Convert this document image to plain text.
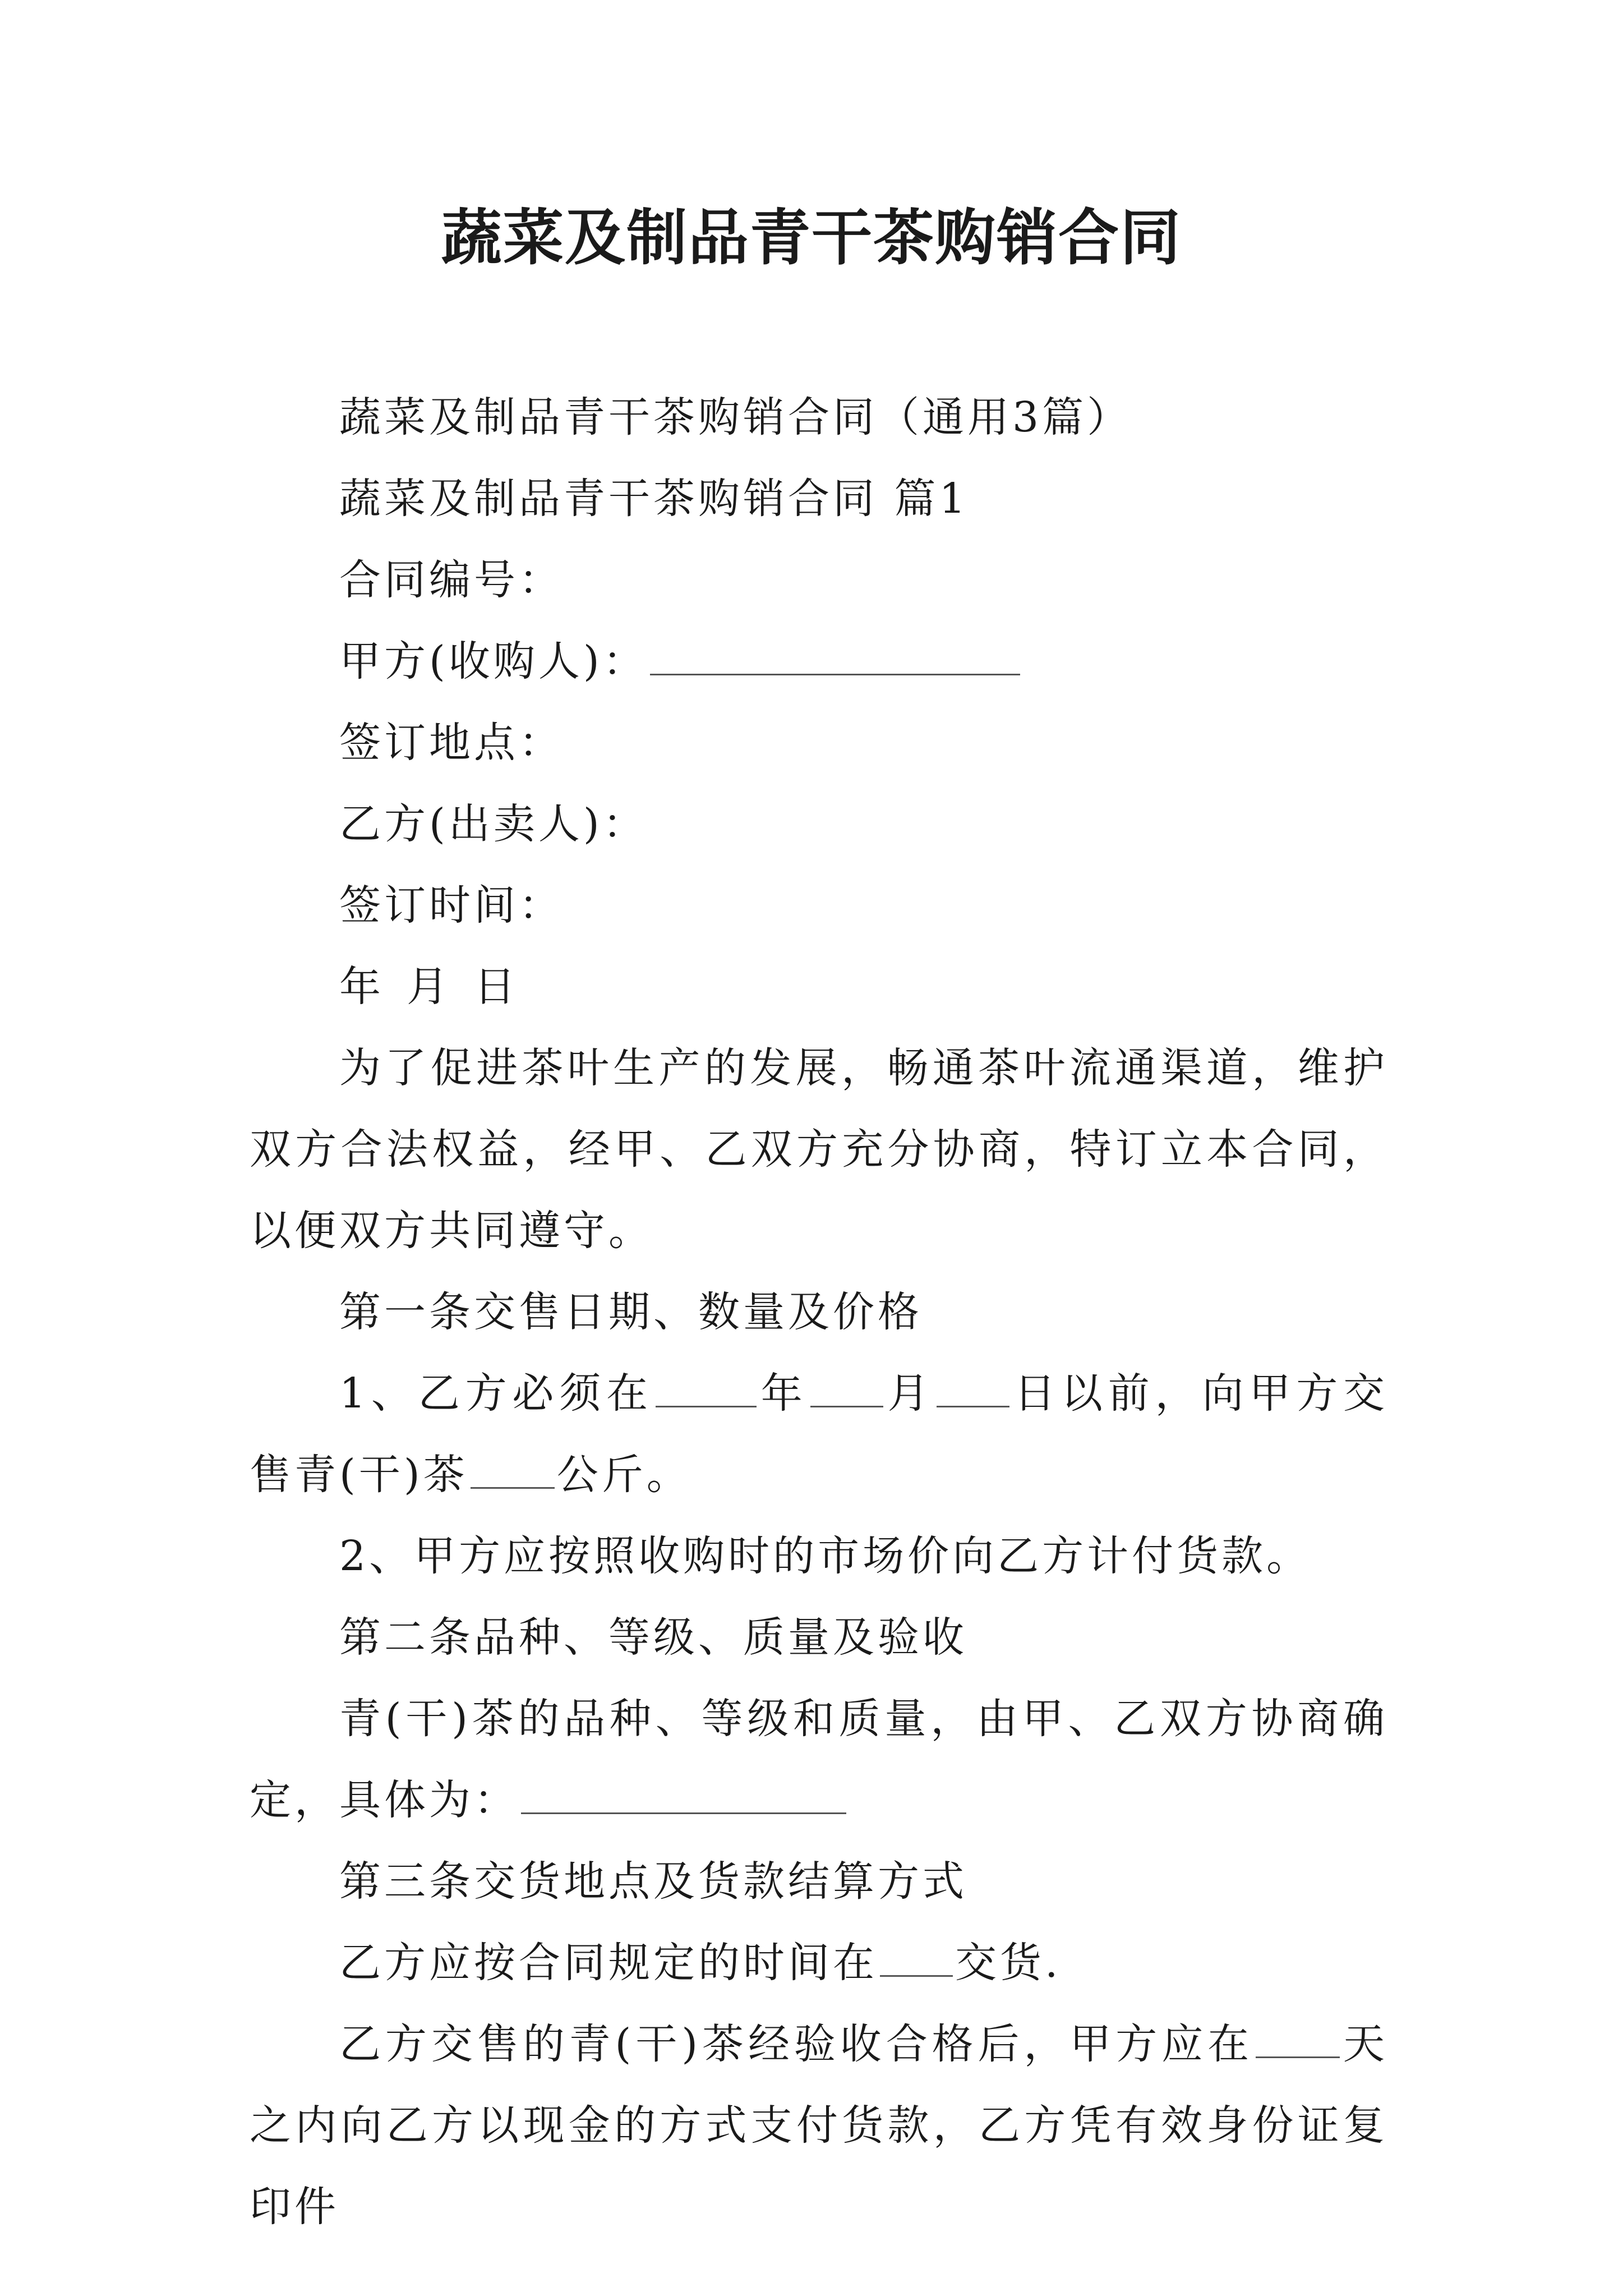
蔬菜及制品青干茶购销合同

蔬菜及制品青干茶购销合同（通用3篇）

蔬菜及制品青干茶购销合同 篇1

合同编号：

甲方(收购人)：

签订地点：

乙方(出卖人)：

签订时间：

年 月 日

为了促进茶叶生产的发展，畅通茶叶流通渠道，维护双方合法权益，经甲、乙双方充分协商，特订立本合同，以便双方共同遵守。

第一条交售日期、数量及价格

1、乙方必须在	年 月 日以前，向甲方交售青(干)茶 公斤。

2、甲方应按照收购时的市场价向乙方计付货款。

第二条品种、等级、质量及验收

青(干)茶的品种、等级和质量，由甲、乙双方协商确定，具体为：

第三条交货地点及货款结算方式

乙方应按合同规定的时间在 交货.

乙方交售的青(干)茶经验收合格后，甲方应在 天之内向乙方以现金的方式支付货款，乙方凭有效身份证复印件
